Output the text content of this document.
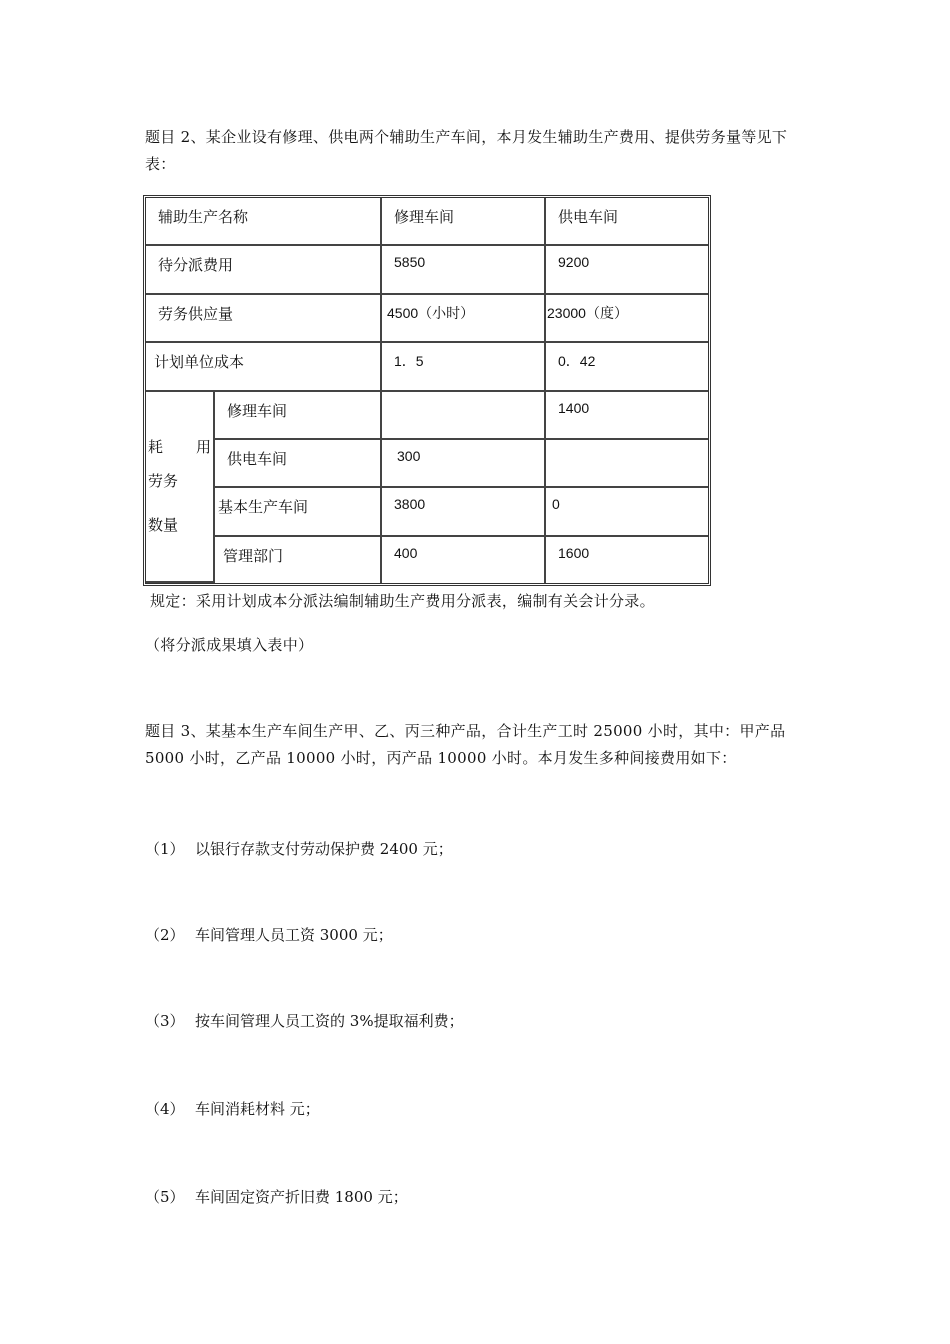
题目 2、某企业设有修理、供电两个辅助生产车间，本月发生辅助生产费用、提供劳务量等见下表：
辅助生产名称		修理车间	供电车间
待分派费用		5850	9200
劳务供应量		4500（小时）	23000（度）
计划单位成本		1．5	0．42

耗 用
劳务
数量	修理车间		1400
	供电车间	300	
	基本生产车间	3800	0
	管理部门	400	1600
规定：采用计划成本分派法编制辅助生产费用分派表，编制有关会计分录。
（将分派成果填入表中）
题目 3、某基本生产车间生产甲、乙、丙三种产品，合计生产工时 25000 小时，其中：甲产品 5000 小时，乙产品 10000 小时，丙产品 10000 小时。本月发生多种间接费用如下：
（1） 以银行存款支付劳动保护费 2400 元；
（2） 车间管理人员工资 3000 元；
（3） 按车间管理人员工资的 3%提取福利费；
（4） 车间消耗材料 元；
（5） 车间固定资产折旧费 1800 元；
